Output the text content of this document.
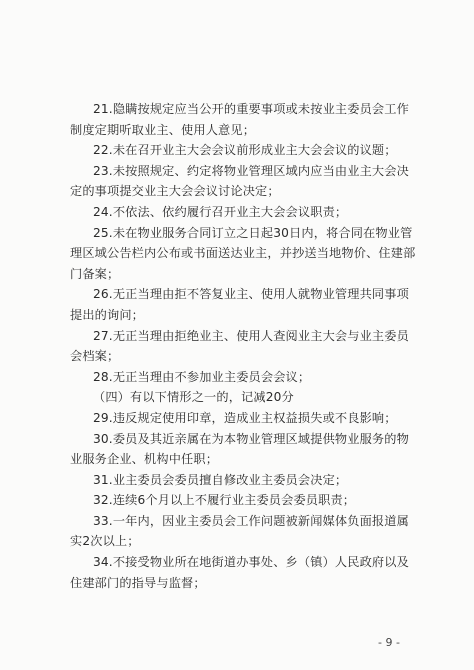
21.隐瞒按规定应当公开的重要事项或未按业主委员会工作
制度定期听取业主、使用人意见；
22.未在召开业主大会会议前形成业主大会会议的议题；
23.未按照规定、约定将物业管理区域内应当由业主大会决
定的事项提交业主大会会议讨论决定；
24.不依法、依约履行召开业主大会会议职责；
25.未在物业服务合同订立之日起30日内，将合同在物业管
理区域公告栏内公布或书面送达业主，并抄送当地物价、住建部
门备案；
26.无正当理由拒不答复业主、使用人就物业管理共同事项
提出的询问；
27.无正当理由拒绝业主、使用人查阅业主大会与业主委员
会档案；
28.无正当理由不参加业主委员会会议；
（四）有以下情形之一的，记减20分
29.违反规定使用印章，造成业主权益损失或不良影响；
30.委员及其近亲属在为本物业管理区域提供物业服务的物
业服务企业、机构中任职；
31.业主委员会委员擅自修改业主委员会决定；
32.连续6个月以上不履行业主委员会委员职责；
33.一年内，因业主委员会工作问题被新闻媒体负面报道属
实2次以上；
34.不接受物业所在地街道办事处、乡（镇）人民政府以及
住建部门的指导与监督；
- 9 -
